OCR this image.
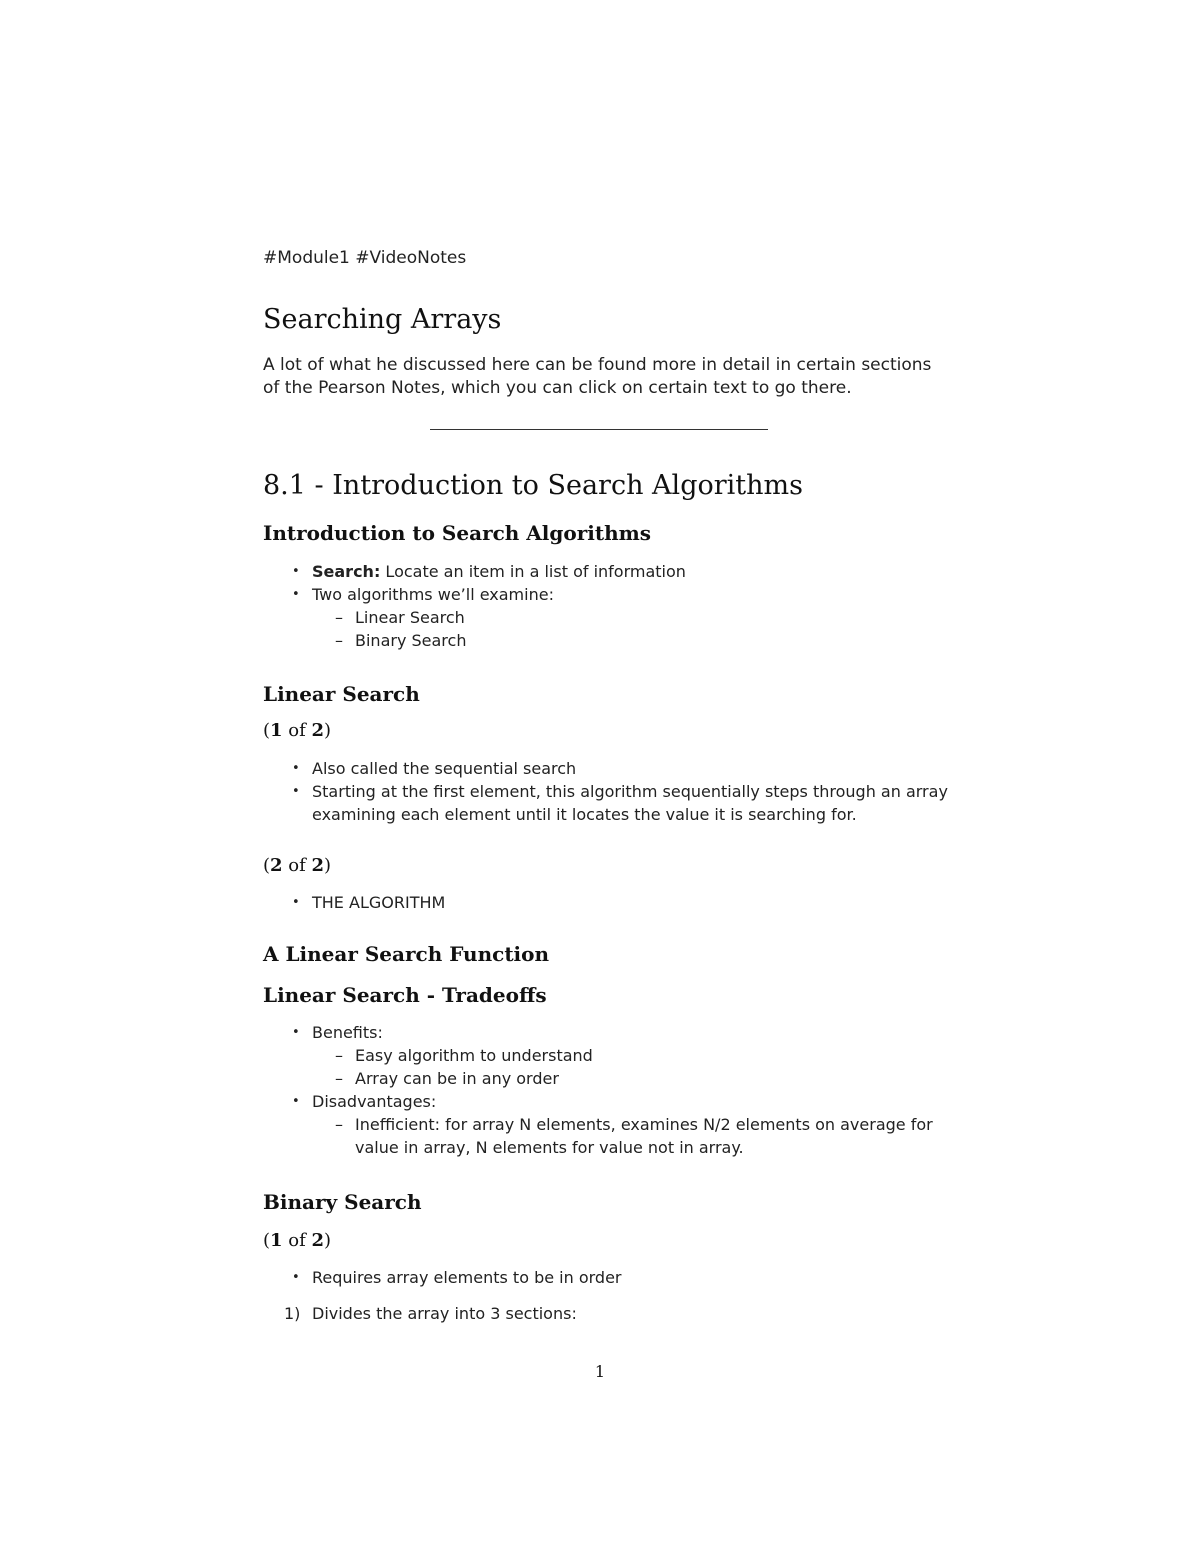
#Module1 #VideoNotes
Searching Arrays
A lot of what he discussed here can be found more in detail in certain sections of the Pearson Notes, which you can click on certain text to go there.
8.1 - Introduction to Search Algorithms
Introduction to Search Algorithms
• Search: Locate an item in a list of information
• Two algorithms we’ll examine:
– Linear Search
– Binary Search
Linear Search

(1 of 2)

• Also called the sequential search
• Starting at the first element, this algorithm sequentially steps through an array examining each element until it locates the value it is searching for.

(2 of 2)

• THE ALGORITHM
A Linear Search Function
Linear Search - Tradeoffs
• Benefits:
– Easy algorithm to understand
– Array can be in any order
• Disadvantages:
– Inefficient: for array N elements, examines N/2 elements on average for value in array, N elements for value not in array.
Binary Search

(1 of 2)

• Requires array elements to be in order
1) Divides the array into 3 sections:
1
